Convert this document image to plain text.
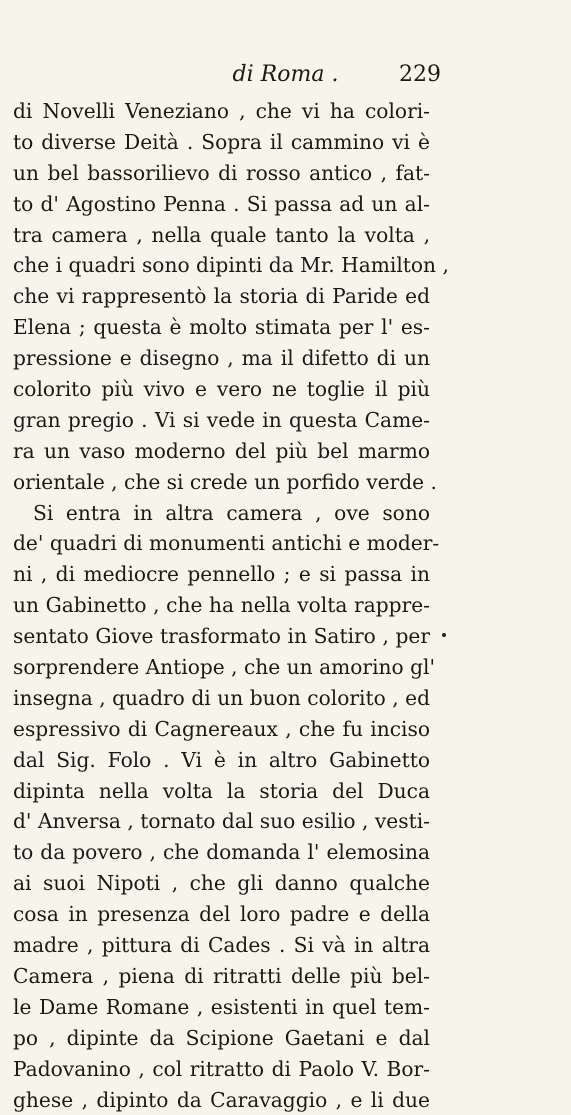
di Roma .	229
di Novelli Veneziano , che vi ha colori-
to diverse Deità . Sopra il cammino vi è
un bel bassorilievo di rosso antico , fat-
to d' Agostino Penna . Si passa ad un al-
tra camera , nella quale tanto la volta ,
che i quadri sono dipinti da Mr. Hamilton ,
che vi rappresentò la storia di Paride ed
Elena ; questa è molto stimata per l' es-
pressione e disegno , ma il difetto di un
colorito più vivo e vero ne toglie il più
gran pregio . Vi si vede in questa Came-
ra un vaso moderno del più bel marmo
orientale , che si crede un porfido verde .
Si entra in altra camera , ove sono
de' quadri di monumenti antichi e moder-
ni , di mediocre pennello ; e si passa in
un Gabinetto , che ha nella volta rappre-
sentato Giove trasformato in Satiro , per
sorprendere Antiope , che un amorino gl'
insegna , quadro di un buon colorito , ed
espressivo di Cagnereaux , che fu inciso
dal Sig. Folo . Vi è in altro Gabinetto
dipinta nella volta la storia del Duca
d' Anversa , tornato dal suo esilio , vesti-
to da povero , che domanda l' elemosina
ai suoi Nipoti , che gli danno qualche
cosa in presenza del loro padre e della
madre , pittura di Cades . Si và in altra
Camera , piena di ritratti delle più bel-
le Dame Romane , esistenti in quel tem-
po , dipinte da Scipione Gaetani e dal
Padovanino , col ritratto di Paolo V. Bor-
ghese , dipinto da Caravaggio , e li due
